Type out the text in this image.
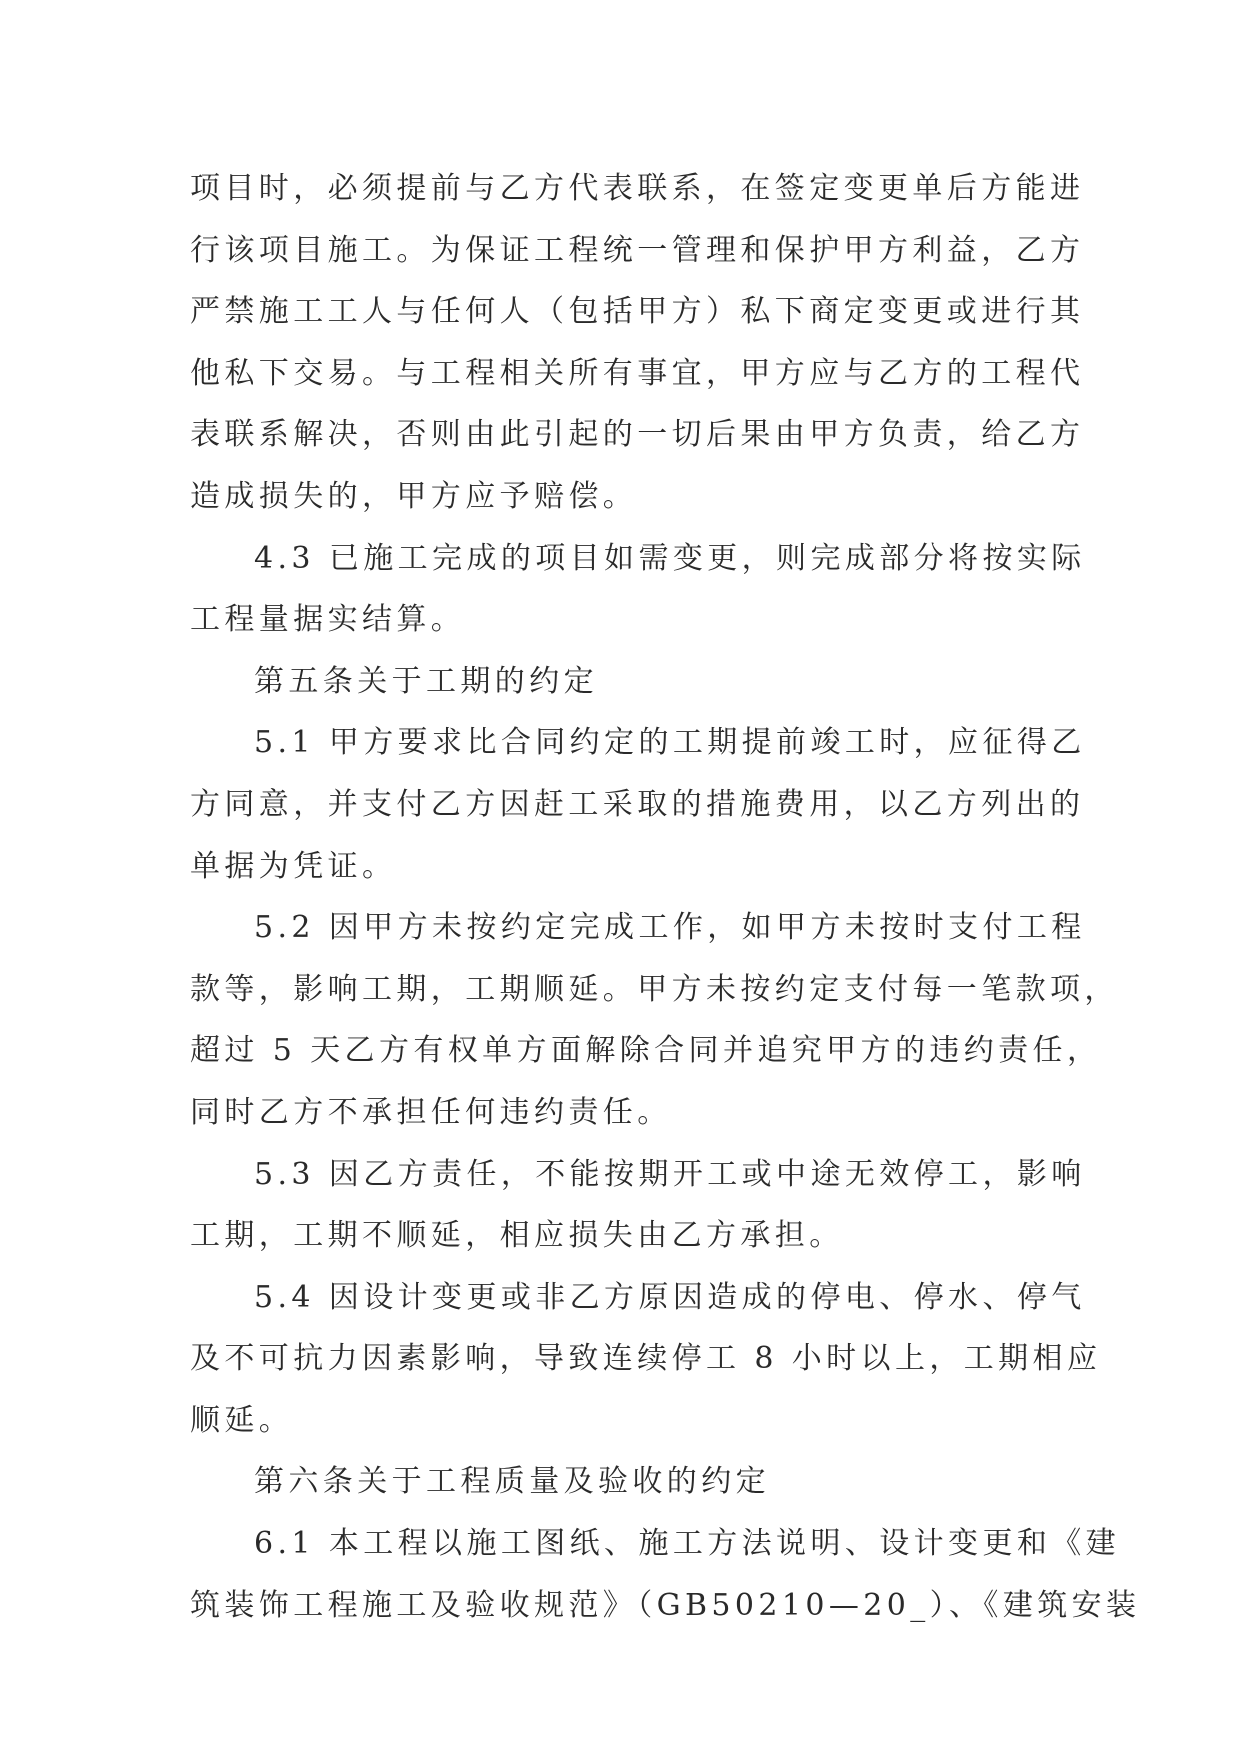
项目时，必须提前与乙方代表联系，在签定变更单后方能进
行该项目施工。为保证工程统一管理和保护甲方利益，乙方
严禁施工工人与任何人（包括甲方）私下商定变更或进行其
他私下交易。与工程相关所有事宜，甲方应与乙方的工程代
表联系解决，否则由此引起的一切后果由甲方负责，给乙方
造成损失的，甲方应予赔偿。
4.3 已施工完成的项目如需变更，则完成部分将按实际
工程量据实结算。
第五条关于工期的约定
5.1 甲方要求比合同约定的工期提前竣工时，应征得乙
方同意，并支付乙方因赶工采取的措施费用，以乙方列出的
单据为凭证。
5.2 因甲方未按约定完成工作，如甲方未按时支付工程
款等，影响工期，工期顺延。甲方未按约定支付每一笔款项，
超过 5 天乙方有权单方面解除合同并追究甲方的违约责任，
同时乙方不承担任何违约责任。
5.3 因乙方责任，不能按期开工或中途无效停工，影响
工期，工期不顺延，相应损失由乙方承担。
5.4 因设计变更或非乙方原因造成的停电、停水、停气
及不可抗力因素影响，导致连续停工 8 小时以上，工期相应
顺延。
第六条关于工程质量及验收的约定
6.1 本工程以施工图纸、施工方法说明、设计变更和《建
筑装饰工程施工及验收规范》（GB50210—20_）、《建筑安装
